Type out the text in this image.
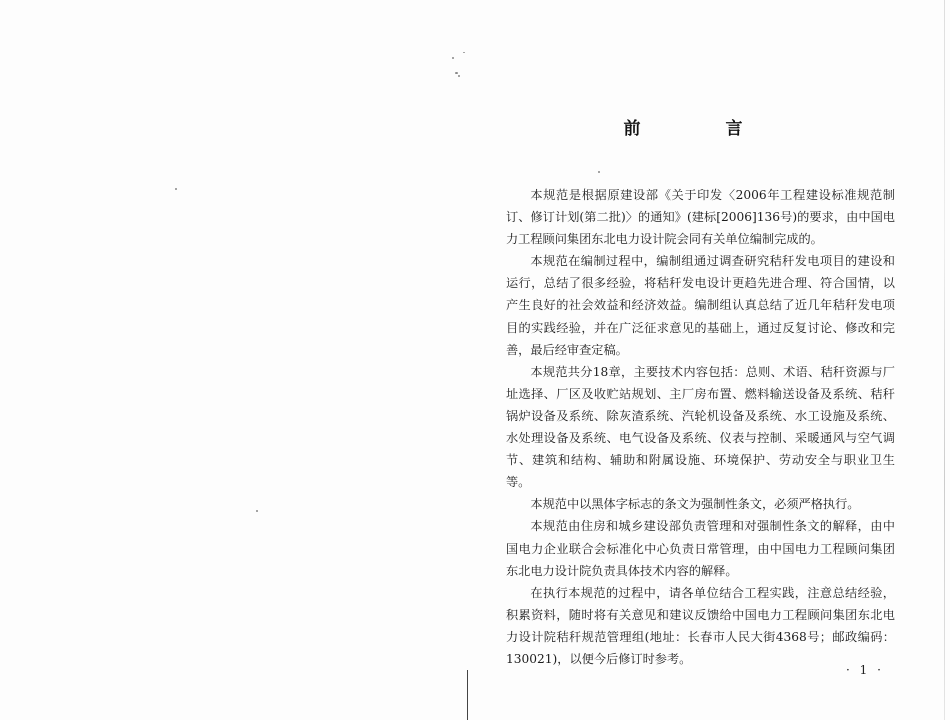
前　言

本规范是根据原建设部《关于印发〈2006年工程建设标准规范制订、修订计划(第二批)〉的通知》(建标[2006]136号)的要求，由中国电力工程顾问集团东北电力设计院会同有关单位编制完成的。

本规范在编制过程中，编制组通过调查研究秸秆发电项目的建设和运行，总结了很多经验，将秸秆发电设计更趋先进合理、符合国情，以产生良好的社会效益和经济效益。编制组认真总结了近几年秸秆发电项目的实践经验，并在广泛征求意见的基础上，通过反复讨论、修改和完善，最后经审查定稿。

本规范共分18章，主要技术内容包括：总则、术语、秸秆资源与厂址选择、厂区及收贮站规划、主厂房布置、燃料输送设备及系统、秸秆锅炉设备及系统、除灰渣系统、汽轮机设备及系统、水工设施及系统、水处理设备及系统、电气设备及系统、仪表与控制、采暖通风与空气调节、建筑和结构、辅助和附属设施、环境保护、劳动安全与职业卫生等。

本规范中以黑体字标志的条文为强制性条文，必须严格执行。

本规范由住房和城乡建设部负责管理和对强制性条文的解释，由中国电力企业联合会标准化中心负责日常管理，由中国电力工程顾问集团东北电力设计院负责具体技术内容的解释。

在执行本规范的过程中，请各单位结合工程实践，注意总结经验，积累资料，随时将有关意见和建议反馈给中国电力工程顾问集团东北电力设计院秸秆规范管理组(地址：长春市人民大街4368号；邮政编码：130021)，以便今后修订时参考。

· 1 ·
